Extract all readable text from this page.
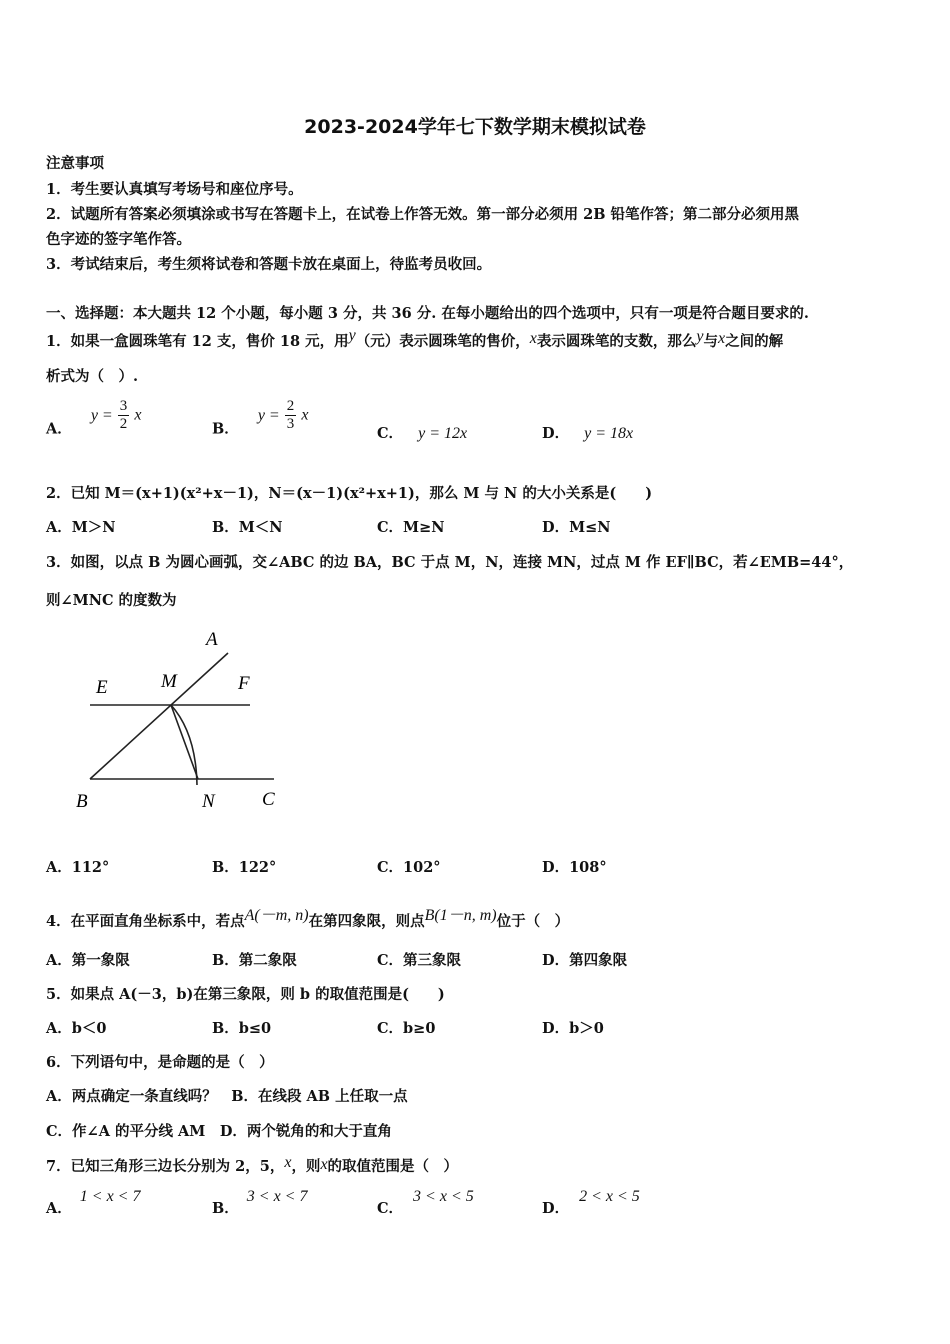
2023-2024学年七下数学期末模拟试卷
注意事项
1．考生要认真填写考场号和座位序号。
2．试题所有答案必须填涂或书写在答题卡上，在试卷上作答无效。第一部分必须用 2B 铅笔作答；第二部分必须用黑
色字迹的签字笔作答。
3．考试结束后，考生须将试卷和答题卡放在桌面上，待监考员收回。
一、选择题：本大题共 12 个小题，每小题 3 分，共 36 分. 在每小题给出的四个选项中，只有一项是符合题目要求的.
1．如果一盒圆珠笔有 12 支，售价 18 元，用y（元）表示圆珠笔的售价，x表示圆珠笔的支数，那么y与x之间的解
析式为（　）.
A． $y = \frac{3}{2}$ x
B． $y = \frac{2}{3}$ x
C． y = 12x	D． y = 18x
2．已知 M＝(x+1)(x²+x－1)，N＝(x－1)(x²+x+1)，那么 M 与 N 的大小关系是(　　)
A．M＞N	B．M＜N	C．M≥N	D．M≤N
3．如图，以点 B 为圆心画弧，交∠ABC 的边 BA，BC 于点 M，N，连接 MN，过点 M 作 EF∥BC，若∠EMB=44°，
则∠MNC 的度数为
A
M
E	F
B	N C
A．112°	B．122°	C．102°	D．108°
4．在平面直角坐标系中，若点A(－m, n)在第四象限，则点B(1－n, m)位于（　）
A．第一象限	B．第二象限	C．第三象限	D．第四象限
5．如果点 A(－3，b)在第三象限，则 b 的取值范围是(　　)
A．b＜0	B．b≤0	C．b≥0	D．b＞0
6．下列语句中，是命题的是（　）
A．两点确定一条直线吗？　B．在线段 AB 上任取一点
C．作∠A 的平分线 AM　D．两个锐角的和大于直角
7．已知三角形三边长分别为 2，5，x，则x的取值范围是（　）
A．1 < x < 7
B．3 < x < 7
C．3 < x < 5
D．2 < x < 5
